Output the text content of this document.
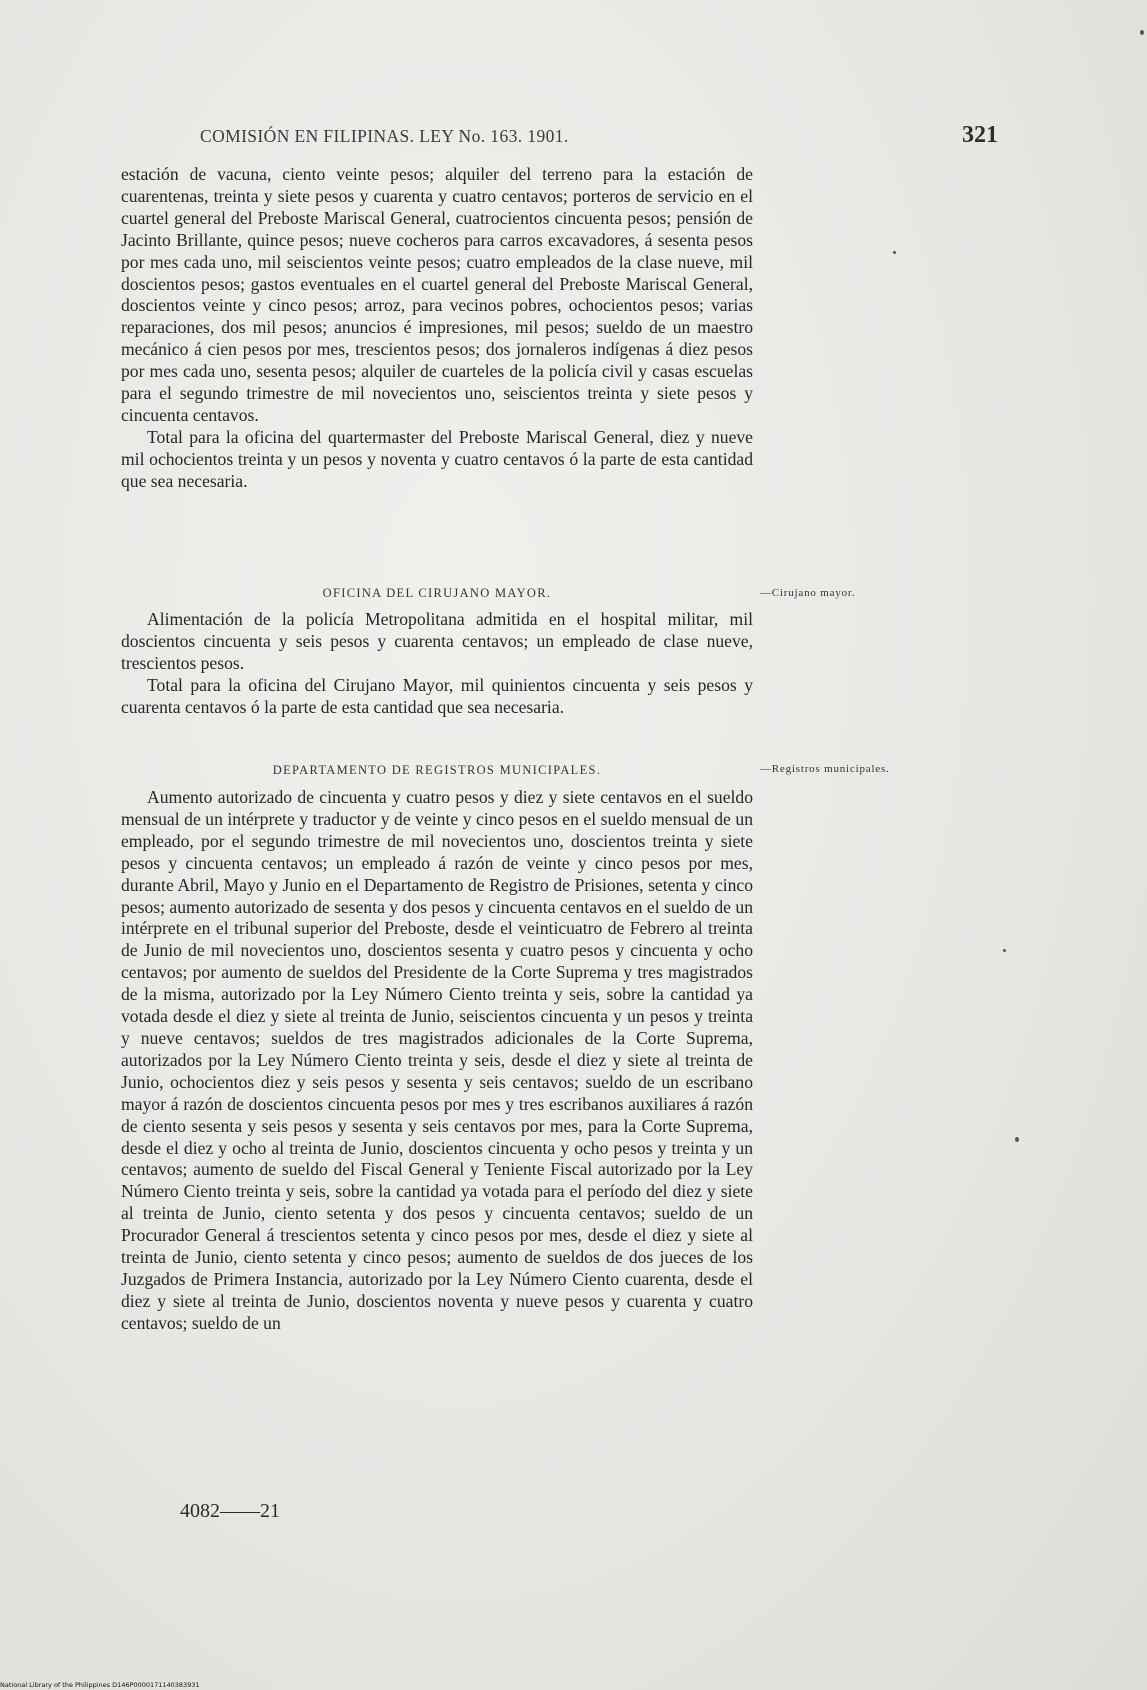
COMISIÓN EN FILIPINAS. LEY No. 163. 1901.	321

estación de vacuna, ciento veinte pesos; alquiler del terreno para la estación de cuarentenas, treinta y siete pesos y cuarenta y cuatro centavos; porteros de servicio en el cuartel general del Preboste Mariscal General, cuatrocientos cincuenta pesos; pensión de Jacinto Brillante, quince pesos; nueve cocheros para carros excavadores, á sesenta pesos por mes cada uno, mil seiscientos veinte pesos; cuatro empleados de la clase nueve, mil doscientos pesos; gastos eventuales en el cuartel general del Preboste Mariscal General, doscientos veinte y cinco pesos; arroz, para vecinos pobres, ochocientos pesos; varias reparaciones, dos mil pesos; anuncios é impresiones, mil pesos; sueldo de un maestro mecánico á cien pesos por mes, trescientos pesos; dos jornaleros indígenas á diez pesos por mes cada uno, sesenta pesos; alquiler de cuarteles de la policía civil y casas escuelas para el segundo trimestre de mil novecientos uno, seiscientos treinta y siete pesos y cincuenta centavos.

Total para la oficina del quartermaster del Preboste Mariscal General, diez y nueve mil ochocientos treinta y un pesos y noventa y cuatro centavos ó la parte de esta cantidad que sea necesaria.

OFICINA DEL CIRUJANO MAYOR.	—Cirujano mayor.

Alimentación de la policía Metropolitana admitida en el hospital militar, mil doscientos cincuenta y seis pesos y cuarenta centavos; un empleado de clase nueve, trescientos pesos.

Total para la oficina del Cirujano Mayor, mil quinientos cincuenta y seis pesos y cuarenta centavos ó la parte de esta cantidad que sea necesaria.

DEPARTAMENTO DE REGISTROS MUNICIPALES.	—Registros municipales.

Aumento autorizado de cincuenta y cuatro pesos y diez y siete centavos en el sueldo mensual de un intérprete y traductor y de veinte y cinco pesos en el sueldo mensual de un empleado, por el segundo trimestre de mil novecientos uno, doscientos treinta y siete pesos y cincuenta centavos; un empleado á razón de veinte y cinco pesos por mes, durante Abril, Mayo y Junio en el Departamento de Registro de Prisiones, setenta y cinco pesos; aumento autorizado de sesenta y dos pesos y cincuenta centavos en el sueldo de un intérprete en el tribunal superior del Preboste, desde el veinticuatro de Febrero al treinta de Junio de mil novecientos uno, doscientos sesenta y cuatro pesos y cincuenta y ocho centavos; por aumento de sueldos del Presidente de la Corte Suprema y tres magistrados de la misma, autorizado por la Ley Número Ciento treinta y seis, sobre la cantidad ya votada desde el diez y siete al treinta de Junio, seiscientos cincuenta y un pesos y treinta y nueve centavos; sueldos de tres magistrados adicionales de la Corte Suprema, autorizados por la Ley Número Ciento treinta y seis, desde el diez y siete al treinta de Junio, ochocientos diez y seis pesos y sesenta y seis centavos; sueldo de un escribano mayor á razón de doscientos cincuenta pesos por mes y tres escribanos auxiliares á razón de ciento sesenta y seis pesos y sesenta y seis centavos por mes, para la Corte Suprema, desde el diez y ocho al treinta de Junio, doscientos cincuenta y ocho pesos y treinta y un centavos; aumento de sueldo del Fiscal General y Teniente Fiscal autorizado por la Ley Número Ciento treinta y seis, sobre la cantidad ya votada para el período del diez y siete al treinta de Junio, ciento setenta y dos pesos y cincuenta centavos; sueldo de un Procurador General á trescientos setenta y cinco pesos por mes, desde el diez y siete al treinta de Junio, ciento setenta y cinco pesos; aumento de sueldos de dos jueces de los Juzgados de Primera Instancia, autorizado por la Ley Número Ciento cuarenta, desde el diez y siete al treinta de Junio, doscientos noventa y nueve pesos y cuarenta y cuatro centavos; sueldo de un

4082——21
National Library of the Philippines D146P0000171140383931
